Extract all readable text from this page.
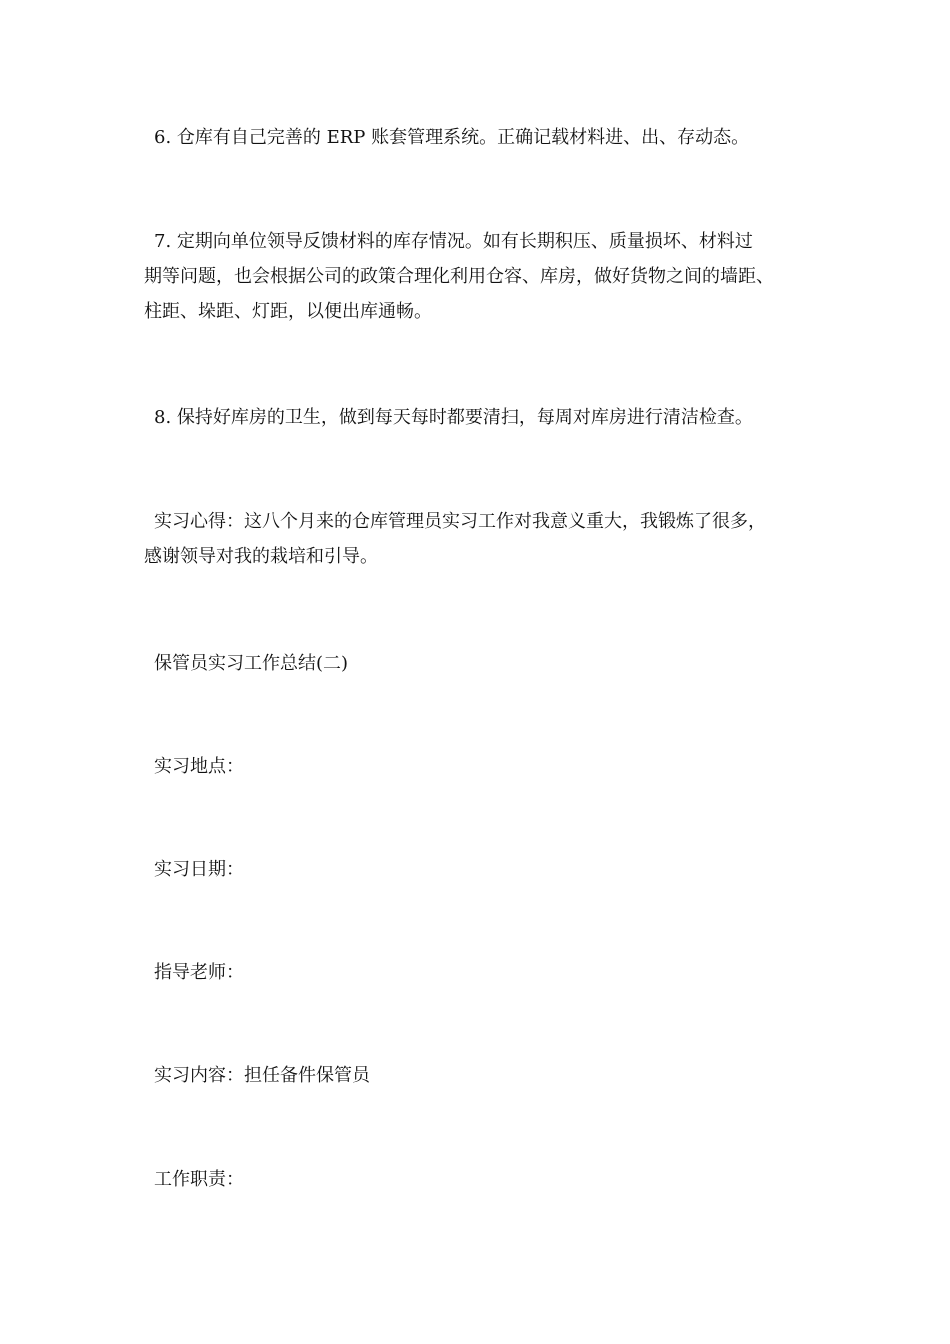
6. 仓库有自己完善的 ERP 账套管理系统。正确记载材料进、出、存动态。

7. 定期向单位领导反馈材料的库存情况。如有长期积压、质量损坏、材料过
期等问题，也会根据公司的政策合理化利用仓容、库房，做好货物之间的墙距、
柱距、垛距、灯距，以便出库通畅。

8. 保持好库房的卫生，做到每天每时都要清扫，每周对库房进行清洁检查。

实习心得：这八个月来的仓库管理员实习工作对我意义重大，我锻炼了很多，
感谢领导对我的栽培和引导。

保管员实习工作总结(二)

实习地点：

实习日期：

指导老师：

实习内容：担任备件保管员

工作职责：
